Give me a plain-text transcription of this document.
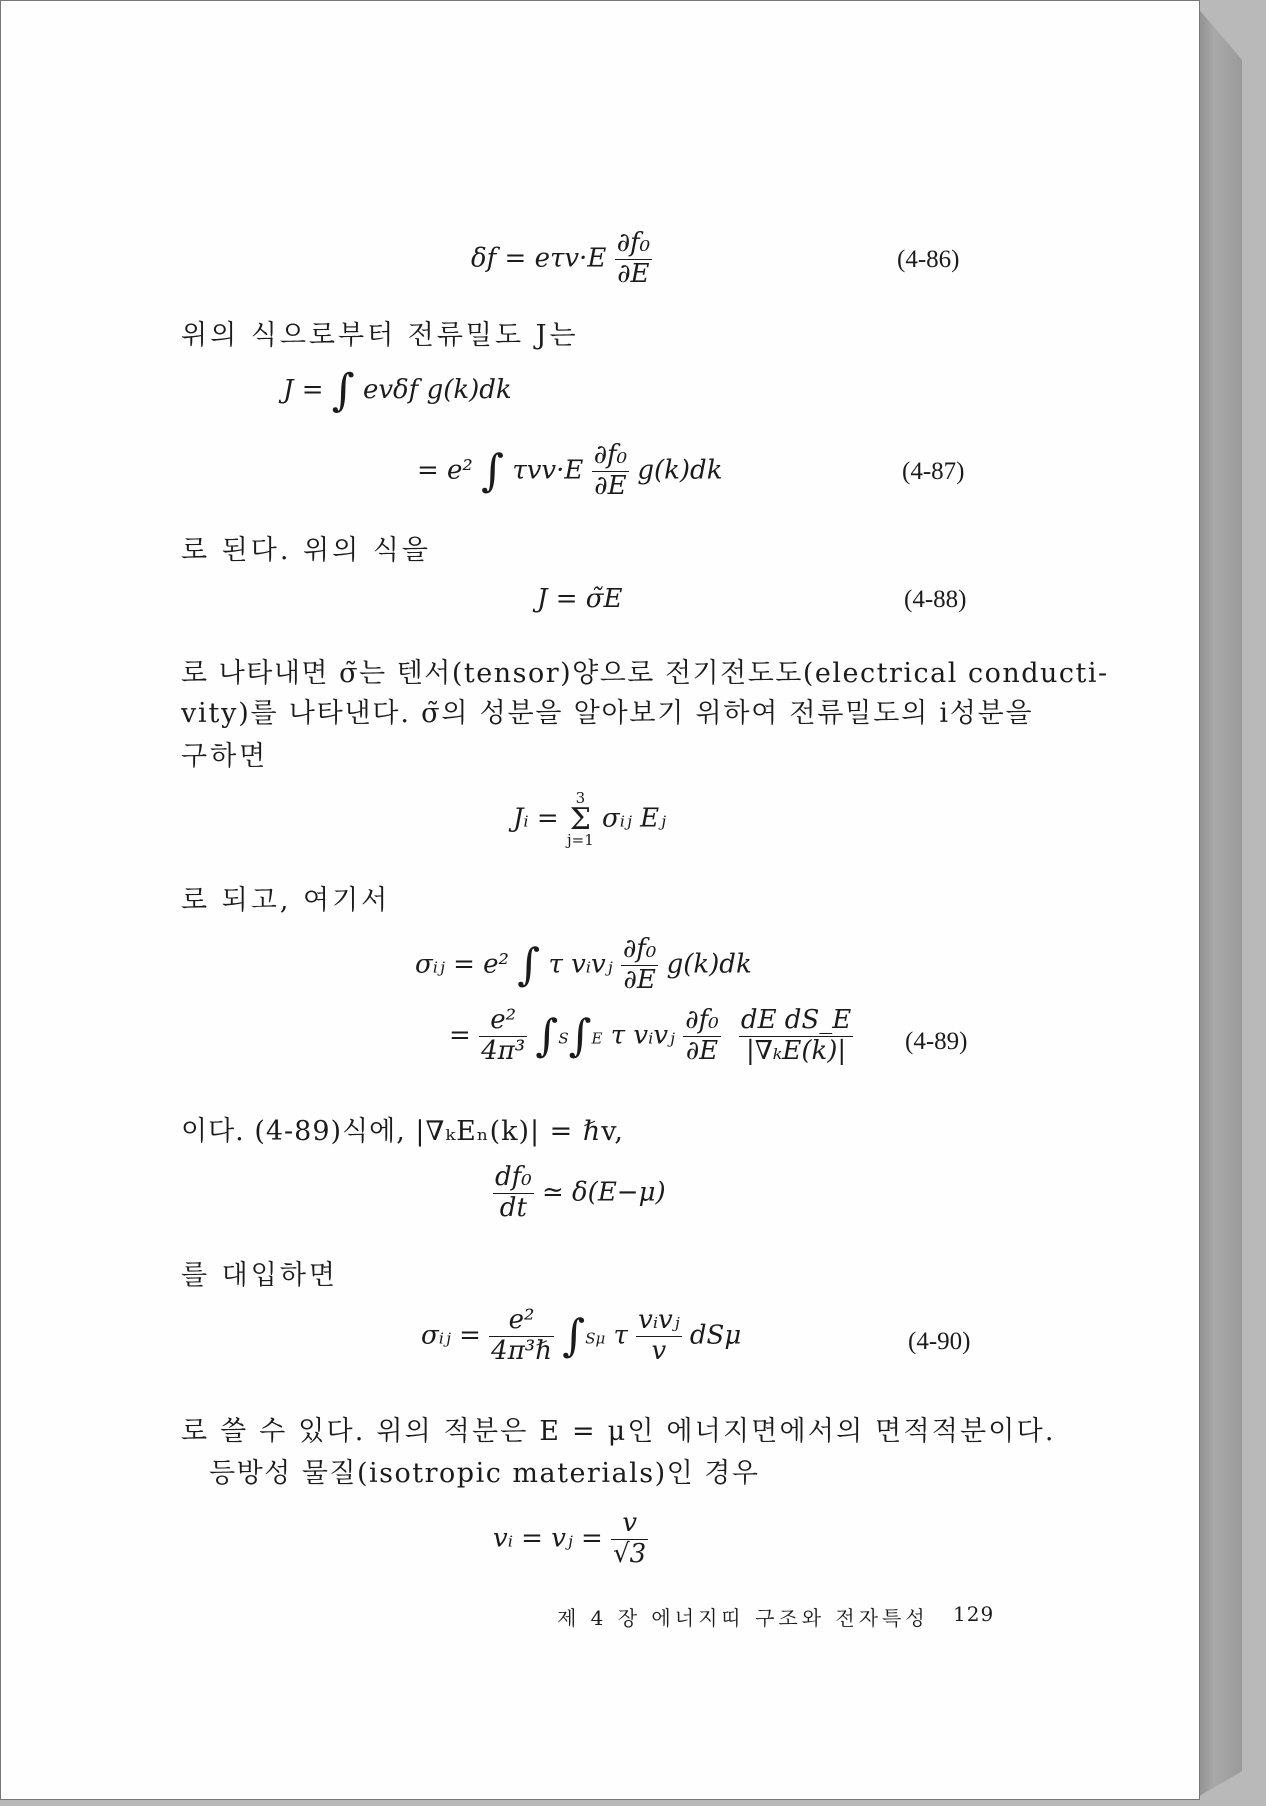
$\delta f = e\tau v\cdot E \frac{\text{∂f₀}}{\partial E}$	(4-86)
위의 식으로부터 전류밀도 J는
J = ∫ evδf g(k)dk
= e² ∫ $\tau vv\cdot E \frac{\text{∂f₀}}{\partial E} g(k)dk$	(4-87)
로 된다. 위의 식을
J = σ̃E	(4-88)
로 나타내면 σ̃는 텐서(tensor)양으로 전기전도도(electrical conducti-
vity)를 나타낸다. σ̃의 성분을 알아보기 위하여 전류밀도의 i성분을
구하면
Jᵢ =
3
Σ
j=1
σᵢⱼ Eⱼ
로 되고, 여기서
σᵢⱼ = e² ∫ τ vᵢvⱼ $\frac{\text{∂f₀}}{\partial E} g(k)dk$
= $\frac{\text{e²}}{\text{4π³}} \int S\int E$ τ vᵢvⱼ $\frac{\text{∂f₀}}{\partial E}$
$\frac{\text{dE dS\_E}}{\text{|∇ₖE(k)|}} (4-89)$
이다. (4-89)식에, |∇ₖEₙ(k)| = ℏv,
$\frac{\text{df₀}}{dt}$ ≃ δ(E−μ)
를 대입하면
σᵢⱼ = $\frac{\text{e²}}{\text{4π³ℏ}} \int S\mu$ τ $\frac{\text{vᵢvⱼ}}{v}$ dSμ	(4-90)
로 쓸 수 있다. 위의 적분은 E = μ인 에너지면에서의 면적적분이다.
등방성 물질(isotropic materials)인 경우
vᵢ = vⱼ = $\frac{v}{√3}$
제 4 장 에너지띠 구조와 전자특성 129
